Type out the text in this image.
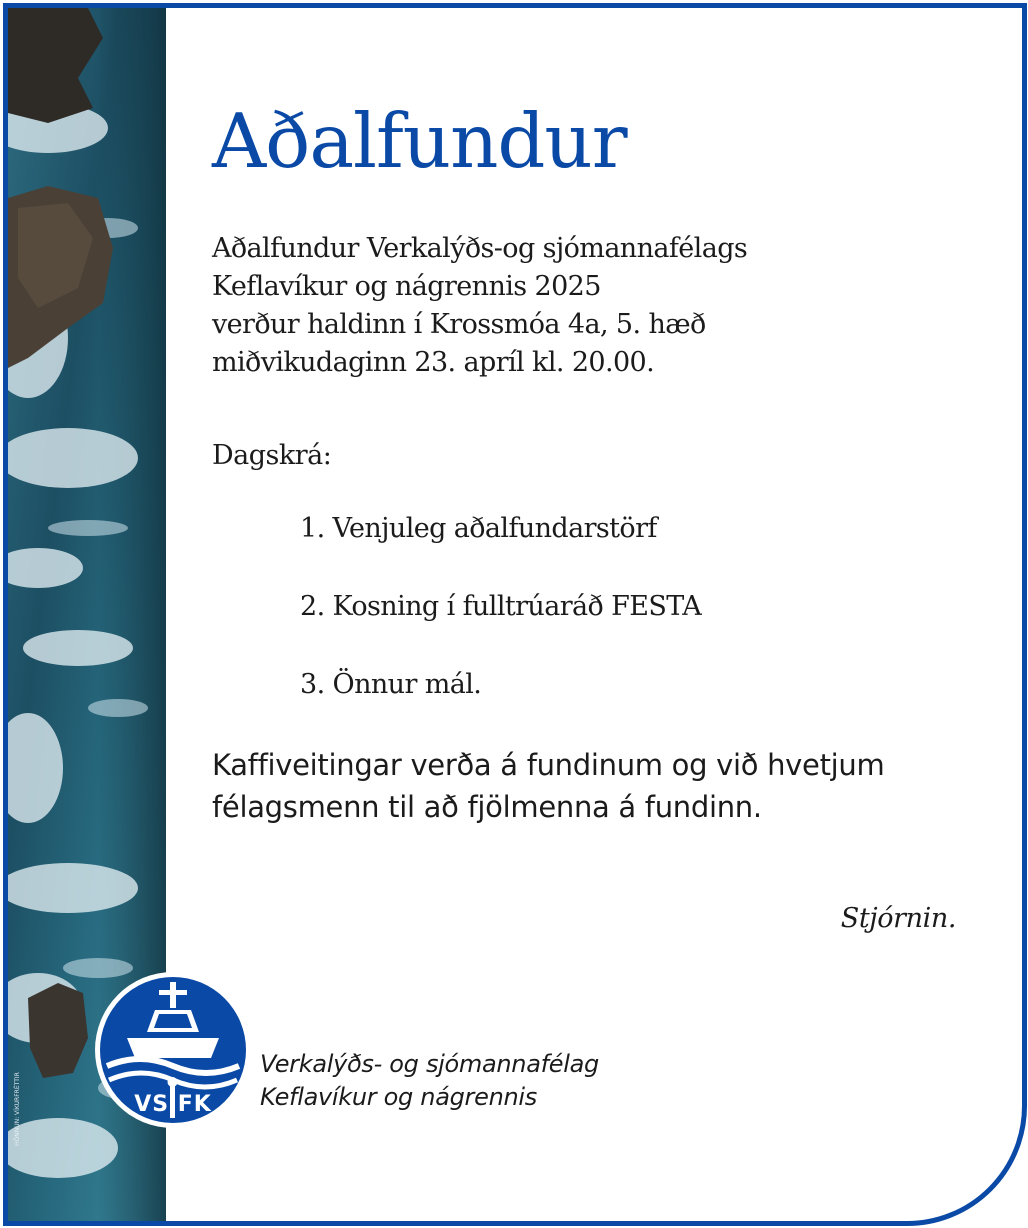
HÖNNUN: VÍKURFRÉTTIR
Aðalfundur

Aðalfundur Verkalýðs-og sjómannafélags
Keflavíkur og nágrennis 2025
verður haldinn í Krossmóa 4a, 5. hæð
miðvikudaginn 23. apríl kl. 20.00.

Dagskrá:

1. Venjuleg aðalfundarstörf
2. Kosning í fulltrúaráð FESTA
3. Önnur mál.

Kaffiveitingar verða á fundinum og við hvetjum
félagsmenn til að fjölmenna á fundinn.

Stjórnin.

VS FK

Verkalýðs- og sjómannafélag
Keflavíkur og nágrennis
